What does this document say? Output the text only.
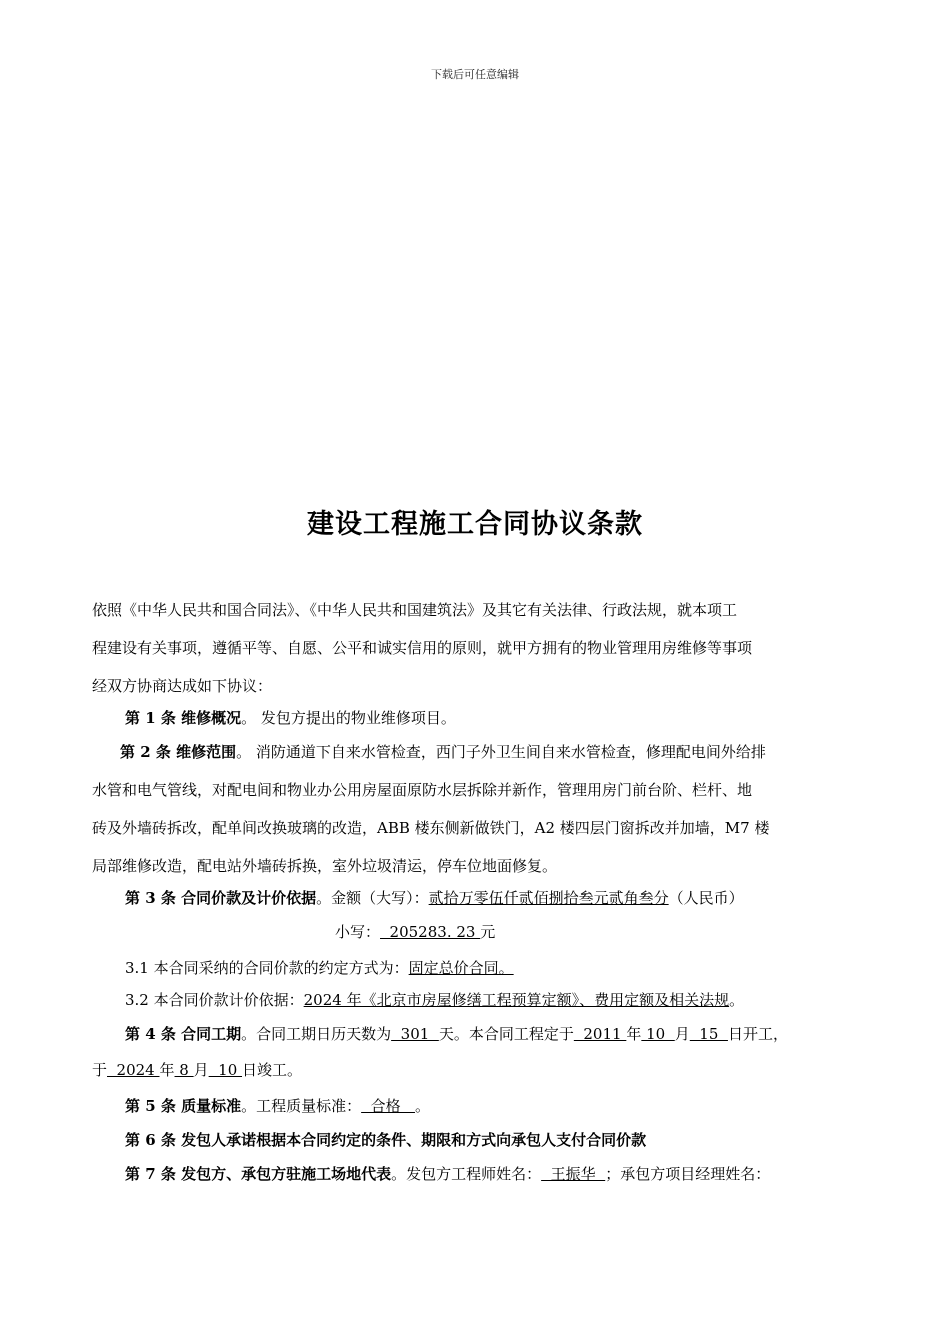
下载后可任意编辑
建设工程施工合同协议条款
依照《中华人民共和国合同法》、《中华人民共和国建筑法》及其它有关法律、行政法规，就本项工
程建设有关事项，遵循平等、自愿、公平和诚实信用的原则，就甲方拥有的物业管理用房维修等事项
经双方协商达成如下协议：
第 1 条 维修概况。 发包方提出的物业维修项目。
第 2 条 维修范围。 消防通道下自来水管检查，西门子外卫生间自来水管检查，修理配电间外给排
水管和电气管线，对配电间和物业办公用房屋面原防水层拆除并新作，管理用房门前台阶、栏杆、地
砖及外墙砖拆改，配单间改换玻璃的改造，ABB 楼东侧新做铁门，A2 楼四层门窗拆改并加墙，M7 楼
局部维修改造，配电站外墙砖拆换，室外垃圾清运，停车位地面修复。
第 3 条 合同价款及计价依据。金额（大写）：贰拾万零伍仟贰佰捌拾叁元贰角叁分（人民币）
小写：  205283. 23 元
3.1 本合同采纳的合同价款的约定方式为：固定总价合同。
3.2 本合同价款计价依据：2024 年《北京市房屋修缮工程预算定额》、费用定额及相关法规。
第 4 条 合同工期。合同工期日历天数为  301  天。本合同工程定于  2011 年 10  月  15  日开工，
于  2024 年 8 月  10 日竣工。
第 5 条 质量标准。工程质量标准：  合格   。
第 6 条 发包人承诺根据本合同约定的条件、期限和方式向承包人支付合同价款
第 7 条 发包方、承包方驻施工场地代表。发包方工程师姓名：  王振华  ；承包方项目经理姓名：
